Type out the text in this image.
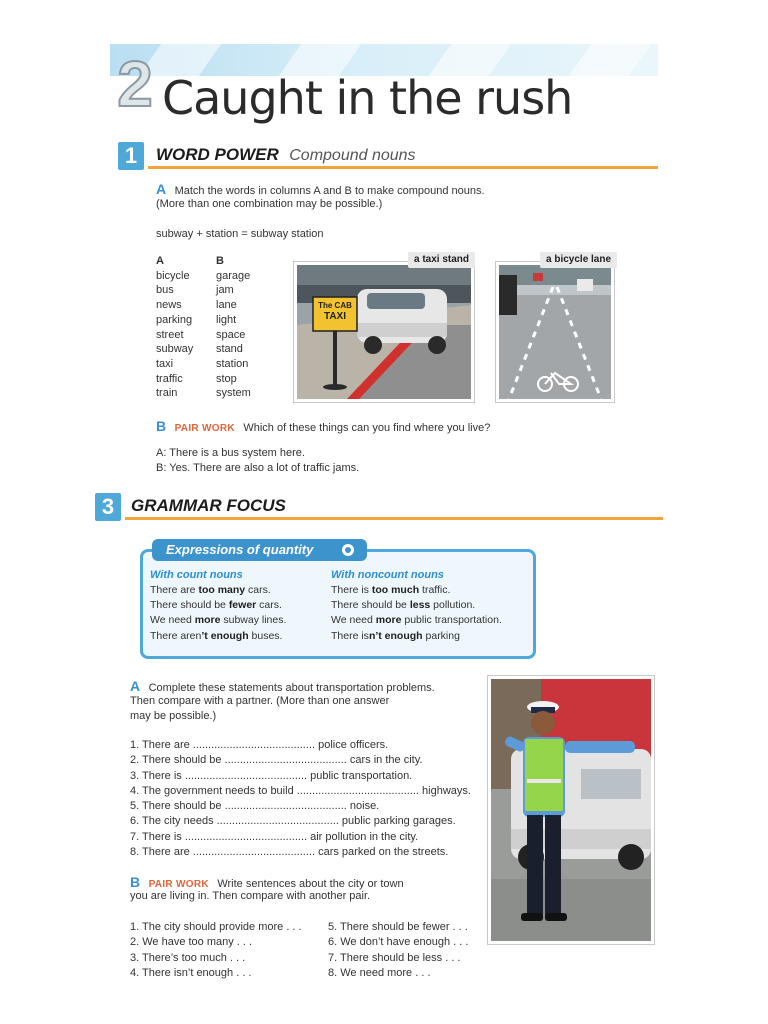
2 Caught in the rush
1	WORD POWER Compound nouns
A Match the words in columns A and B to make compound nouns.
(More than one combination may be possible.)
subway + station = subway station
A
bicycle
bus
news
parking
street
subway
taxi
traffic
train
B
garage
jam
lane
light
space
stand
station
stop
system
The CAB
TAXI
a taxi stand	a bicycle lane
B PAIR WORK Which of these things can you find where you live?
A: There is a bus system here.
B: Yes. There are also a lot of traffic jams.
3 GRAMMAR FOCUS
Expressions of quantity
With count nouns
There are too many cars.
There should be fewer cars.
We need more subway lines.
There aren’t enough buses.
With noncount nouns
There is too much traffic.
There should be less pollution.
We need more public transportation.
There isn’t enough parking
A Complete these statements about transportation problems.
Then compare with a partner. (More than one answer
may be possible.)
1. There are ........................................ police officers.
2. There should be ........................................ cars in the city.
3. There is ........................................ public transportation.
4. The government needs to build ........................................ highways.
5. There should be ........................................ noise.
6. The city needs ........................................ public parking garages.
7. There is ........................................ air pollution in the city.
8. There are ........................................ cars parked on the streets.
B PAIR WORK Write sentences about the city or town
you are living in. Then compare with another pair.
1. The city should provide more . . .
2. We have too many . . .
3. There’s too much . . .
4. There isn’t enough . . .
5. There should be fewer . . .
6. We don’t have enough . . .
7. There should be less . . .
8. We need more . . .
